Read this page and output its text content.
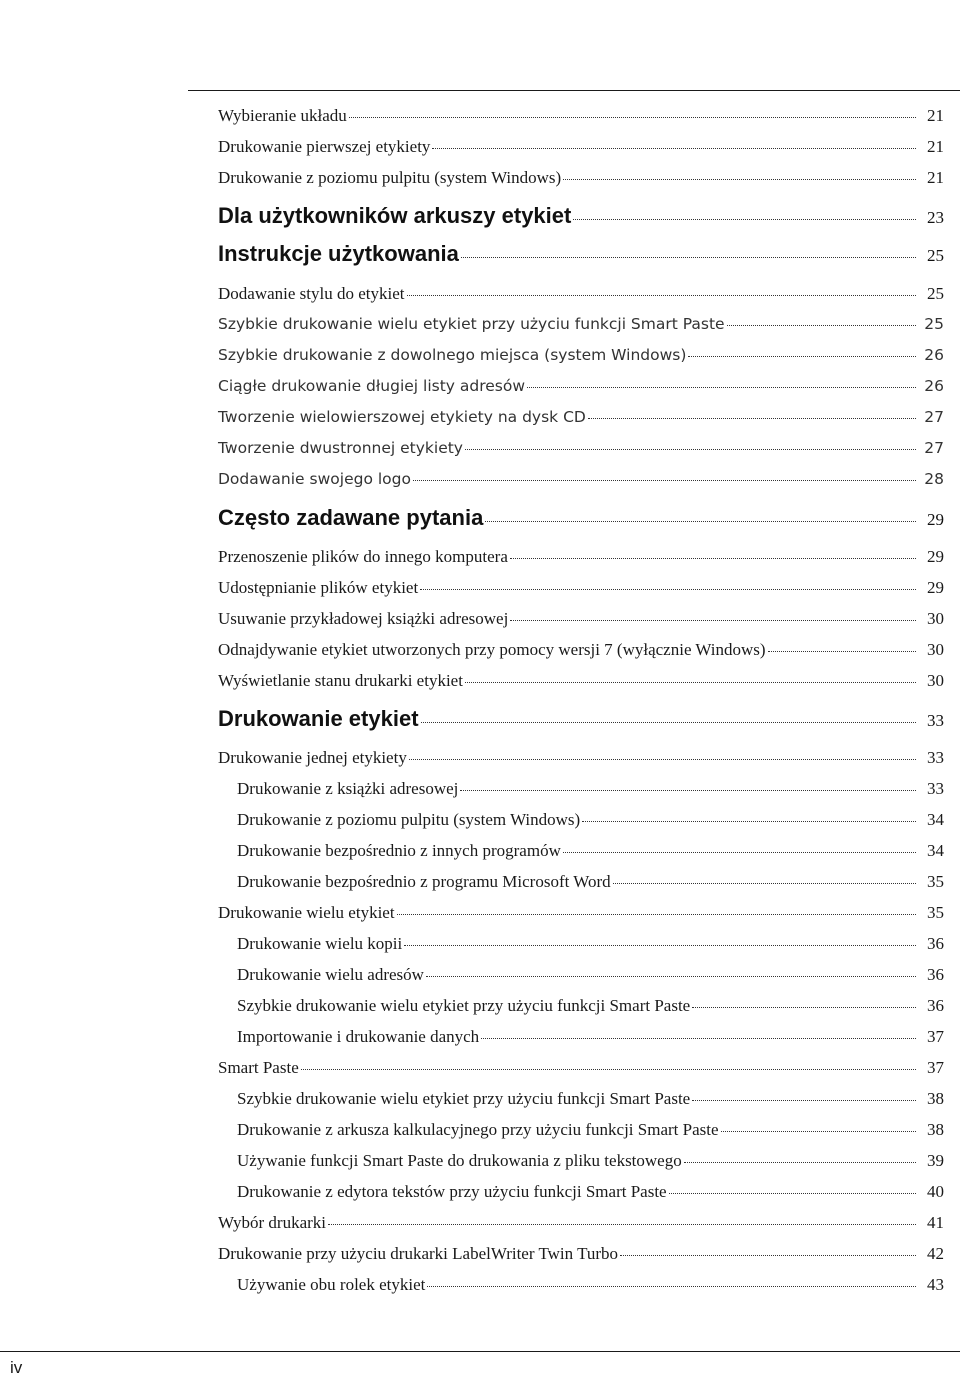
Wybieranie układu	21
Drukowanie pierwszej etykiety	21
Drukowanie z poziomu pulpitu (system Windows)	21
Dla użytkowników arkuszy etykiet	23
Instrukcje użytkowania	25
Dodawanie stylu do etykiet	25
Szybkie drukowanie wielu etykiet przy użyciu funkcji Smart Paste	25
Szybkie drukowanie z dowolnego miejsca (system Windows)	26
Ciągłe drukowanie długiej listy adresów	26
Tworzenie wielowierszowej etykiety na dysk CD	27
Tworzenie dwustronnej etykiety	27
Dodawanie swojego logo	28
Często zadawane pytania	29
Przenoszenie plików do innego komputera	29
Udostępnianie plików etykiet	29
Usuwanie przykładowej książki adresowej	30
Odnajdywanie etykiet utworzonych przy pomocy wersji 7 (wyłącznie Windows)	30
Wyświetlanie stanu drukarki etykiet	30
Drukowanie etykiet	33
Drukowanie jednej etykiety	33
Drukowanie z książki adresowej	33
Drukowanie z poziomu pulpitu (system Windows)	34
Drukowanie bezpośrednio z innych programów	34
Drukowanie bezpośrednio z programu Microsoft Word	35
Drukowanie wielu etykiet	35
Drukowanie wielu kopii	36
Drukowanie wielu adresów	36
Szybkie drukowanie wielu etykiet przy użyciu funkcji Smart Paste	36
Importowanie i drukowanie danych	37
Smart Paste	37
Szybkie drukowanie wielu etykiet przy użyciu funkcji Smart Paste	38
Drukowanie z arkusza kalkulacyjnego przy użyciu funkcji Smart Paste	38
Używanie funkcji Smart Paste do drukowania z pliku tekstowego	39
Drukowanie z edytora tekstów przy użyciu funkcji Smart Paste	40
Wybór drukarki	41
Drukowanie przy użyciu drukarki LabelWriter Twin Turbo	42
Używanie obu rolek etykiet	43
iv
